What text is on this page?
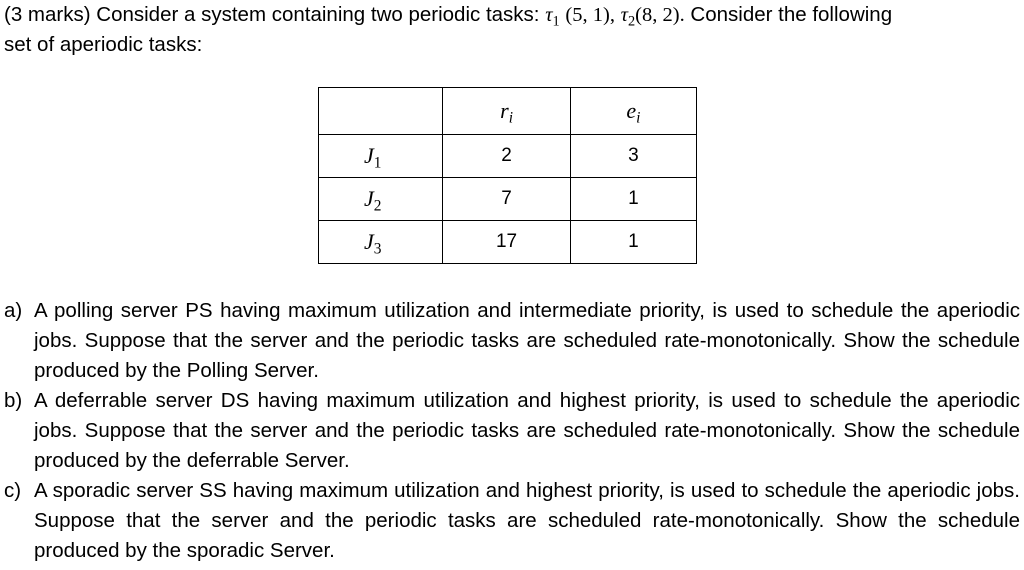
(3 marks) Consider a system containing two periodic tasks: $\tau_1$ (5, 1), $\tau_2(8$, 2). Consider the following
set of aperiodic tasks:
	$r_i$	$e_i$
$J_1$	2	3
$J_2$	7	1
$J_3$	17	1
a) A polling server PS having maximum utilization and intermediate priority, is used to schedule the aperiodic jobs. Suppose that the server and the periodic tasks are scheduled rate-monotonically. Show the schedule produced by the Polling Server.
b) A deferrable server DS having maximum utilization and highest priority, is used to schedule the aperiodic jobs. Suppose that the server and the periodic tasks are scheduled rate-monotonically. Show the schedule produced by the deferrable Server.
c) A sporadic server SS having maximum utilization and highest priority, is used to schedule the aperiodic jobs. Suppose that the server and the periodic tasks are scheduled rate-monotonically. Show the schedule produced by the sporadic Server.
